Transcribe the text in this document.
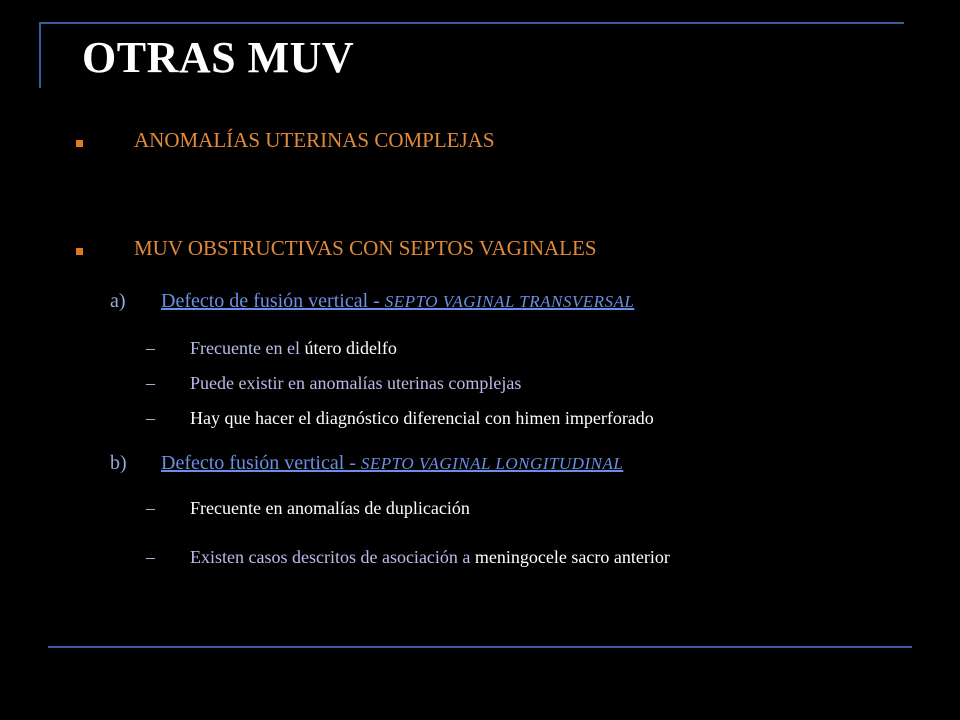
OTRAS MUV
ANOMALÍAS UTERINAS COMPLEJAS
MUV OBSTRUCTIVAS CON SEPTOS VAGINALES
a) Defecto de fusión vertical - SEPTO VAGINAL TRANSVERSAL
– Frecuente en el útero didelfo
– Puede existir en anomalías uterinas complejas
– Hay que hacer el diagnóstico diferencial con himen imperforado
b) Defecto fusión vertical - SEPTO VAGINAL LONGITUDINAL
– Frecuente en anomalías de duplicación
– Existen casos descritos de asociación a meningocele sacro anterior
